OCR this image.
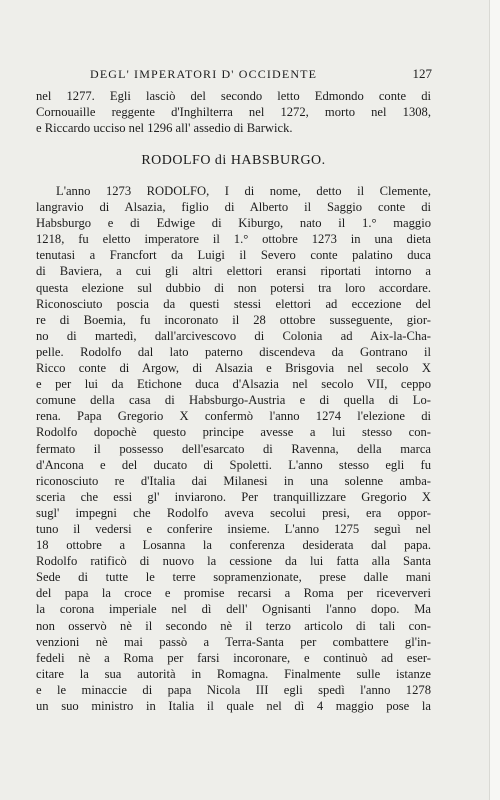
DEGL' IMPERATORI D' OCCIDENTE	127
nel 1277. Egli lasciò del secondo letto Edmondo conte di
Cornouaille reggente d'Inghilterra nel 1272, morto nel 1308,
e Riccardo ucciso nel 1296 all' assedio di Barwick.
RODOLFO di HABSBURGO.
L'anno 1273 RODOLFO, I di nome, detto il Clemente,
langravio di Alsazia, figlio di Alberto il Saggio conte di
Habsburgo e di Edwige di Kiburgo, nato il 1.° maggio
1218, fu eletto imperatore il 1.° ottobre 1273 in una dieta
tenutasi a Francfort da Luigi il Severo conte palatino duca
di Baviera, a cui gli altri elettori eransi riportati intorno a
questa elezione sul dubbio di non potersi tra loro accordare.
Riconosciuto poscia da questi stessi elettori ad eccezione del
re di Boemia, fu incoronato il 28 ottobre susseguente, gior-
no di martedì, dall'arcivescovo di Colonia ad Aix-la-Cha-
pelle. Rodolfo dal lato paterno discendeva da Gontrano il
Ricco conte di Argow, di Alsazia e Brisgovia nel secolo X
e per lui da Etichone duca d'Alsazia nel secolo VII, ceppo
comune della casa di Habsburgo-Austria e di quella di Lo-
rena. Papa Gregorio X confermò l'anno 1274 l'elezione di
Rodolfo dopochè questo principe avesse a lui stesso con-
fermato il possesso dell'esarcato di Ravenna, della marca
d'Ancona e del ducato di Spoletti. L'anno stesso egli fu
riconosciuto re d'Italia dai Milanesi in una solenne amba-
sceria che essi gl' inviarono. Per tranquillizzare Gregorio X
sugl' impegni che Rodolfo aveva secolui presi, era oppor-
tuno il vedersi e conferire insieme. L'anno 1275 seguì nel
18 ottobre a Losanna la conferenza desiderata dal papa.
Rodolfo ratificò di nuovo la cessione da lui fatta alla Santa
Sede di tutte le terre sopramenzionate, prese dalle mani
del papa la croce e promise recarsi a Roma per riceververi
la corona imperiale nel dì dell' Ognisanti l'anno dopo. Ma
non osservò nè il secondo nè il terzo articolo di tali con-
venzioni nè mai passò a Terra-Santa per combattere gl'in-
fedeli nè a Roma per farsi incoronare, e continuò ad eser-
citare la sua autorità in Romagna. Finalmente sulle istanze
e le minaccie di papa Nicola III egli spedì l'anno 1278
un suo ministro in Italia il quale nel dì 4 maggio pose la
